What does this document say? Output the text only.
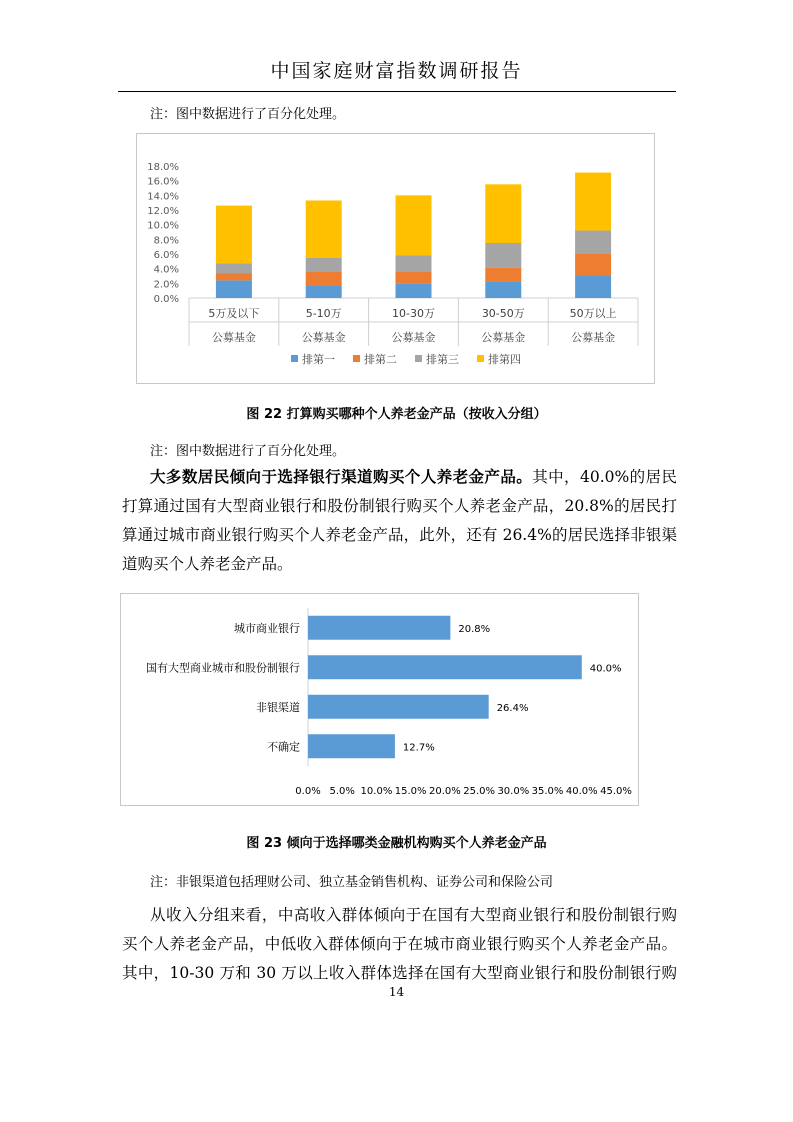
中国家庭财富指数调研报告
注：图中数据进行了百分化处理。
0.0%
2.0%
4.0%
6.0%
8.0%
10.0%
12.0%
14.0%
16.0%
18.0%
5万及以下
公募基金
5-10万
公募基金
10-30万
公募基金
30-50万
公募基金
50万以上
公募基金
排第一	排第二	排第三	排第四
图 22 打算购买哪种个人养老金产品（按收入分组）
注：图中数据进行了百分化处理。
大多数居民倾向于选择银行渠道购买个人养老金产品。其中，40.0%的居民
打算通过国有大型商业银行和股份制银行购买个人养老金产品，20.8%的居民打
算通过城市商业银行购买个人养老金产品，此外，还有 26.4%的居民选择非银渠
道购买个人养老金产品。
城市商业银行	20.8%
国有大型商业城市和股份制银行	40.0%
非银渠道	26.4%
不确定	12.7%
0.0% 5.0% 10.0% 15.0% 20.0% 25.0% 30.0% 35.0% 40.0% 45.0%
图 23 倾向于选择哪类金融机构购买个人养老金产品
注：非银渠道包括理财公司、独立基金销售机构、证券公司和保险公司
从收入分组来看，中高收入群体倾向于在国有大型商业银行和股份制银行购
买个人养老金产品，中低收入群体倾向于在城市商业银行购买个人养老金产品。
其中，10-30 万和 30 万以上收入群体选择在国有大型商业银行和股份制银行购
14
